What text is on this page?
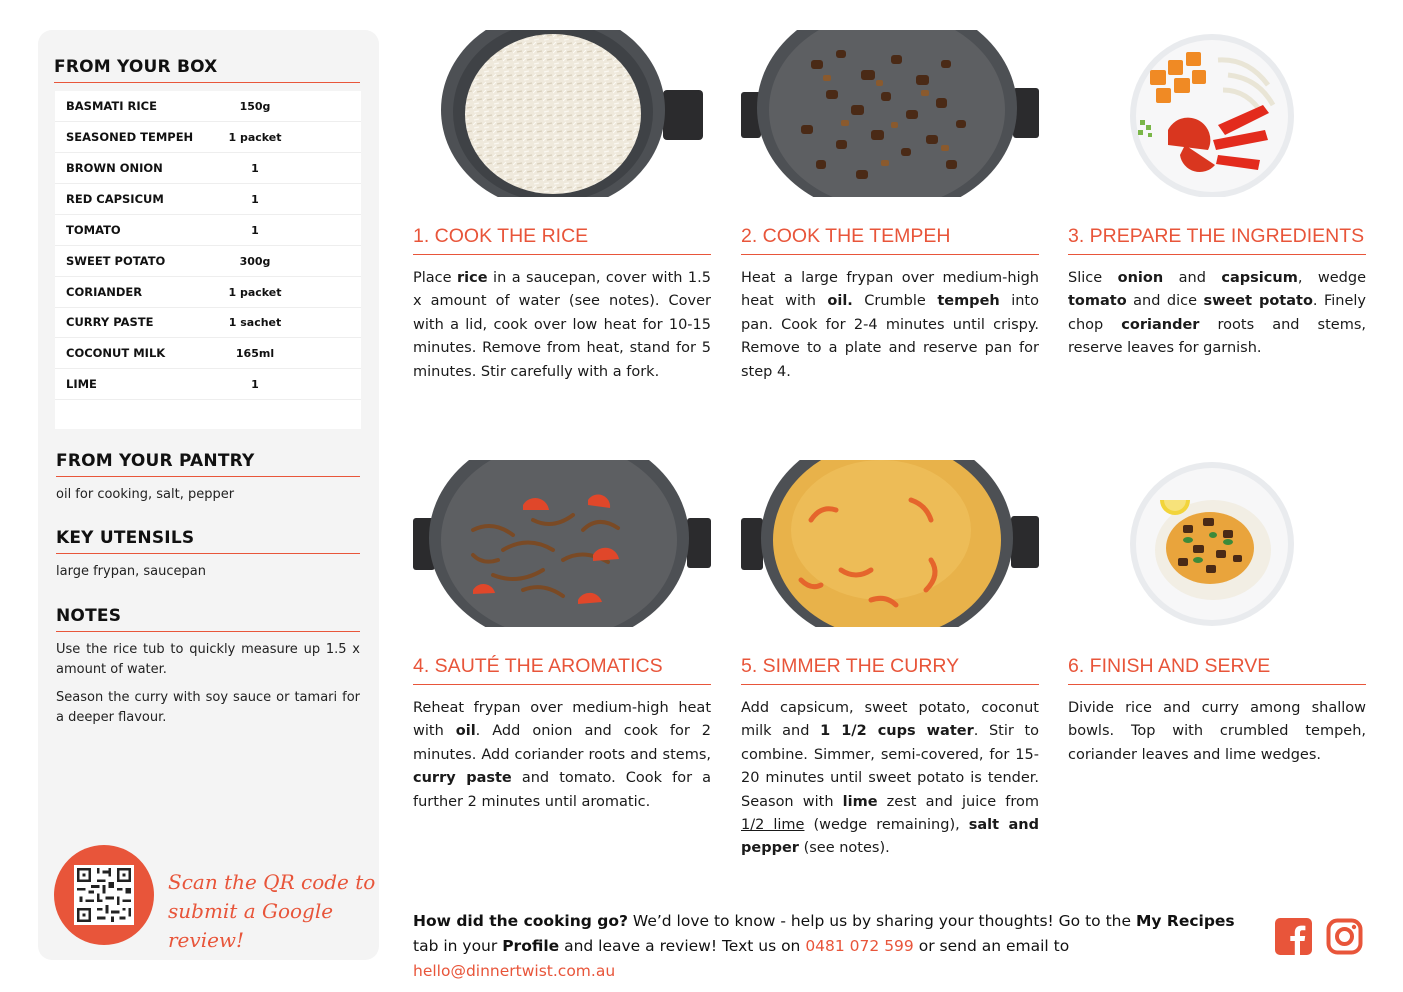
FROM YOUR BOX
BASMATI RICE	150g
SEASONED TEMPEH	1 packet
BROWN ONION	1
RED CAPSICUM	1
TOMATO	1
SWEET POTATO	300g
CORIANDER	1 packet
CURRY PASTE	1 sachet
COCONUT MILK	165ml
LIME	1
FROM YOUR PANTRY
oil for cooking, salt, pepper
KEY UTENSILS
large frypan, saucepan
NOTES
Use the rice tub to quickly measure up 1.5 x amount of water.
Season the curry with soy sauce or tamari for a deeper flavour.
Scan the QR code to
submit a Google review!
1. COOK THE RICE
Place rice in a saucepan, cover with 1.5 x amount of water (see notes). Cover with a lid, cook over low heat for 10-15 minutes. Remove from heat, stand for 5 minutes. Stir carefully with a fork.
2. COOK THE TEMPEH
Heat a large frypan over medium-high heat with oil. Crumble tempeh into pan. Cook for 2-4 minutes until crispy. Remove to a plate and reserve pan for step 4.
3. PREPARE THE INGREDIENTS
Slice onion and capsicum, wedge tomato and dice sweet potato. Finely chop coriander roots and stems, reserve leaves for garnish.
4. SAUTÉ THE AROMATICS
Reheat frypan over medium-high heat with oil. Add onion and cook for 2 minutes. Add coriander roots and stems, curry paste and tomato. Cook for a further 2 minutes until aromatic.
5. SIMMER THE CURRY
Add capsicum, sweet potato, coconut milk and 1 1/2 cups water. Stir to combine. Simmer, semi-covered, for 15-20 minutes until sweet potato is tender. Season with lime zest and juice from 1/2 lime (wedge remaining), salt and pepper (see notes).
6. FINISH AND SERVE
Divide rice and curry among shallow bowls. Top with crumbled tempeh, coriander leaves and lime wedges.
How did the cooking go? We’d love to know - help us by sharing your thoughts! Go to the My Recipes tab in your Profile and leave a review! Text us on 0481 072 599 or send an email to hello@dinnertwist.com.au
